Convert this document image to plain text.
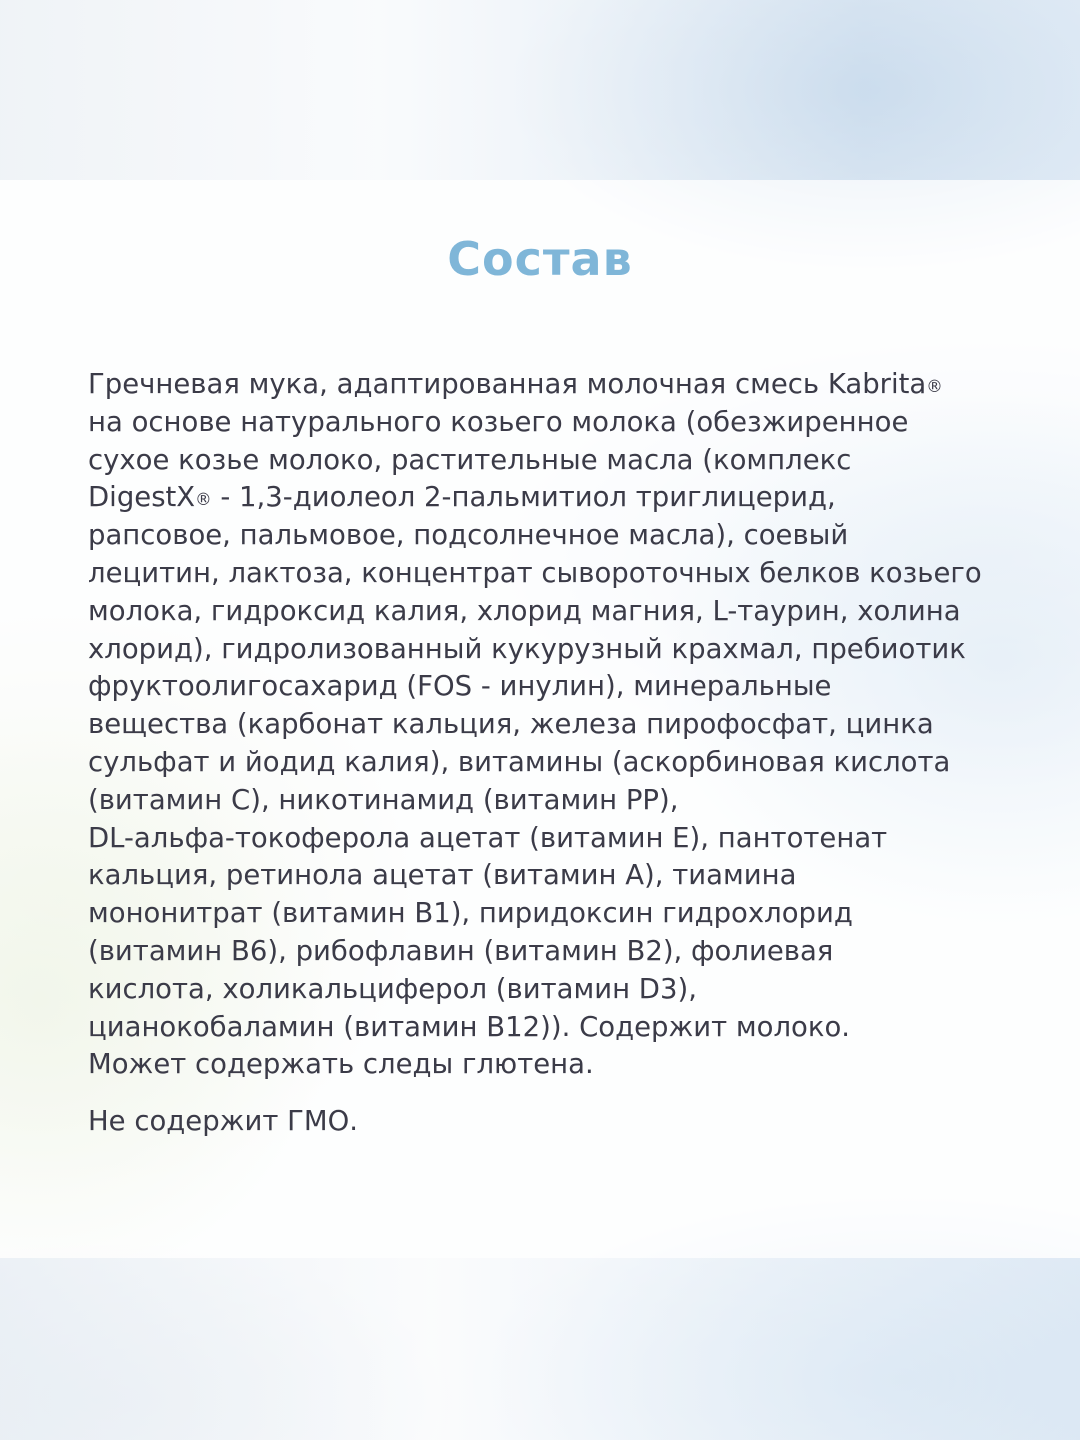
Состав

Гречневая мука, адаптированная молочная смесь Kabrita®
на основе натурального козьего молока (обезжиренное
сухое козье молоко, растительные масла (комплекс
DigestX® - 1,3-диолеол 2-пальмитиол триглицерид,
рапсовое, пальмовое, подсолнечное масла), соевый
лецитин, лактоза, концентрат сывороточных белков козьего
молока, гидроксид калия, хлорид магния, L-таурин, холина
хлорид), гидролизованный кукурузный крахмал, пребиотик
фруктоолигосахарид (FOS - инулин), минеральные
вещества (карбонат кальция, железа пирофосфат, цинка
сульфат и йодид калия), витамины (аскорбиновая кислота
(витамин С), никотинамид (витамин РР),
DL-альфа-токоферола ацетат (витамин Е), пантотенат
кальция, ретинола ацетат (витамин А), тиамина
мононитрат (витамин В1), пиридоксин гидрохлорид
(витамин В6), рибофлавин (витамин В2), фолиевая
кислота, холикальциферол (витамин D3),
цианокобаламин (витамин В12)). Содержит молоко.
Может содержать следы глютена.

Не содержит ГМО.
